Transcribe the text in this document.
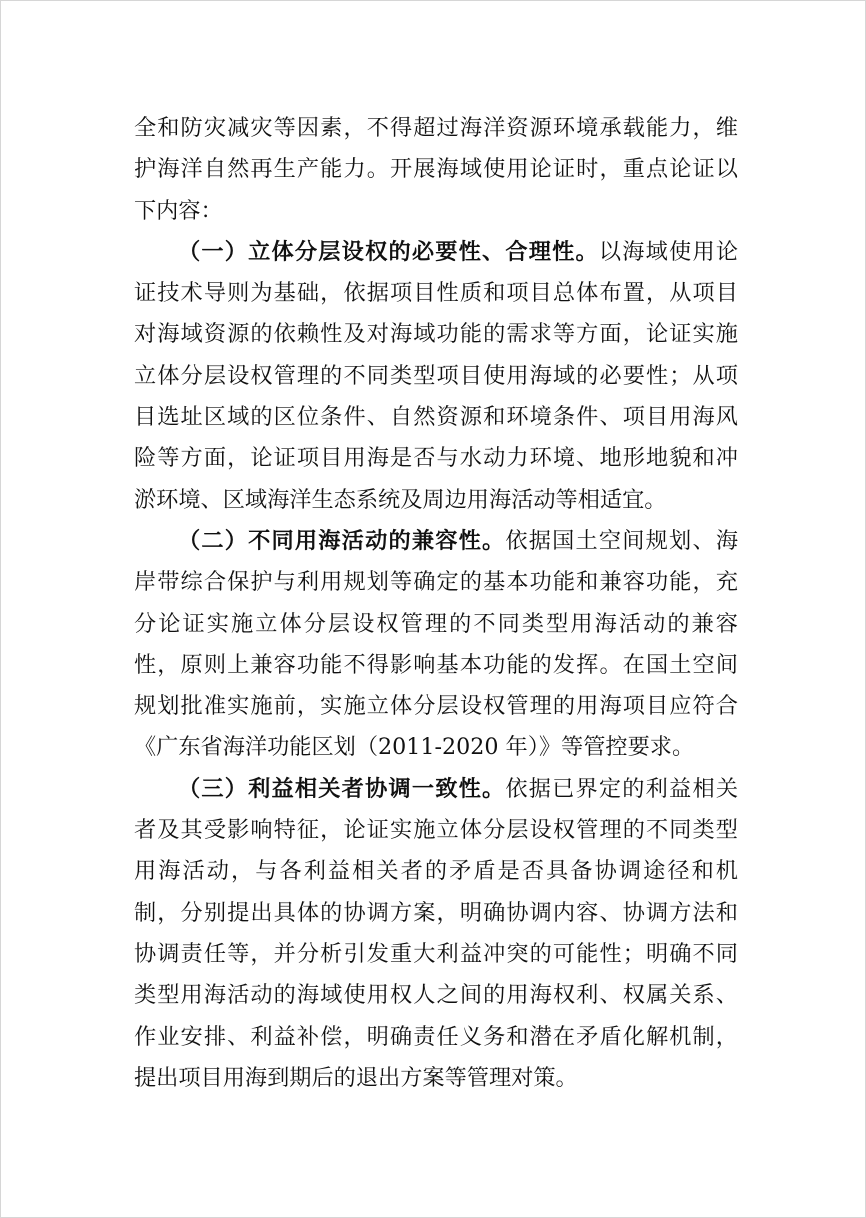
全和防灾减灾等因素，不得超过海洋资源环境承载能力，维
护海洋自然再生产能力。开展海域使用论证时，重点论证以
下内容：
（一）立体分层设权的必要性、合理性。以海域使用论
证技术导则为基础，依据项目性质和项目总体布置，从项目
对海域资源的依赖性及对海域功能的需求等方面，论证实施
立体分层设权管理的不同类型项目使用海域的必要性；从项
目选址区域的区位条件、自然资源和环境条件、项目用海风
险等方面，论证项目用海是否与水动力环境、地形地貌和冲
淤环境、区域海洋生态系统及周边用海活动等相适宜。
（二）不同用海活动的兼容性。依据国土空间规划、海
岸带综合保护与利用规划等确定的基本功能和兼容功能，充
分论证实施立体分层设权管理的不同类型用海活动的兼容
性，原则上兼容功能不得影响基本功能的发挥。在国土空间
规划批准实施前，实施立体分层设权管理的用海项目应符合
《广东省海洋功能区划（2011-2020 年）》等管控要求。
（三）利益相关者协调一致性。依据已界定的利益相关
者及其受影响特征，论证实施立体分层设权管理的不同类型
用海活动，与各利益相关者的矛盾是否具备协调途径和机
制，分别提出具体的协调方案，明确协调内容、协调方法和
协调责任等，并分析引发重大利益冲突的可能性；明确不同
类型用海活动的海域使用权人之间的用海权利、权属关系、
作业安排、利益补偿，明确责任义务和潜在矛盾化解机制，
提出项目用海到期后的退出方案等管理对策。
